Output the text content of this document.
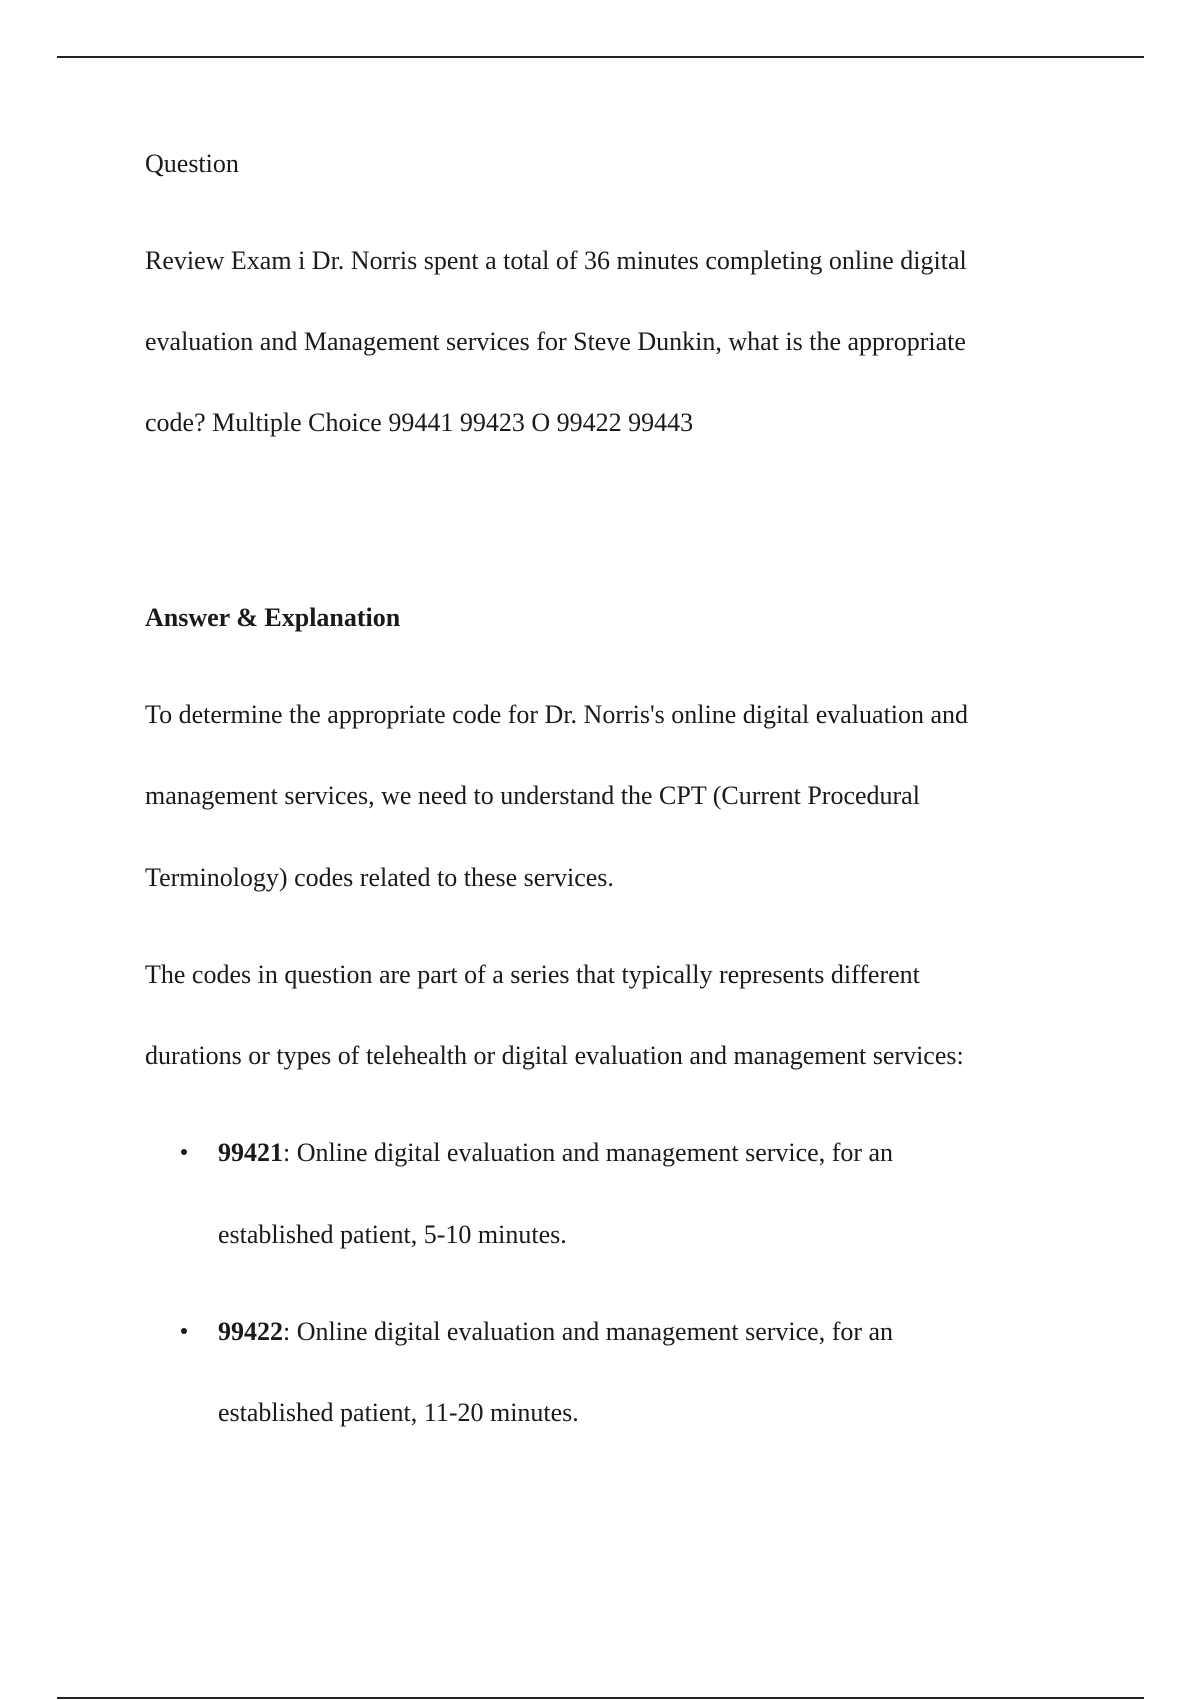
Question

Review Exam i Dr. Norris spent a total of 36 minutes completing online digital

evaluation and Management services for Steve Dunkin, what is the appropriate

code? Multiple Choice 99441 99423 O 99422 99443

Answer & Explanation

To determine the appropriate code for Dr. Norris's online digital evaluation and

management services, we need to understand the CPT (Current Procedural

Terminology) codes related to these services.

The codes in question are part of a series that typically represents different

durations or types of telehealth or digital evaluation and management services:

99421: Online digital evaluation and management service, for an
established patient, 5-10 minutes.
99422: Online digital evaluation and management service, for an
established patient, 11-20 minutes.
